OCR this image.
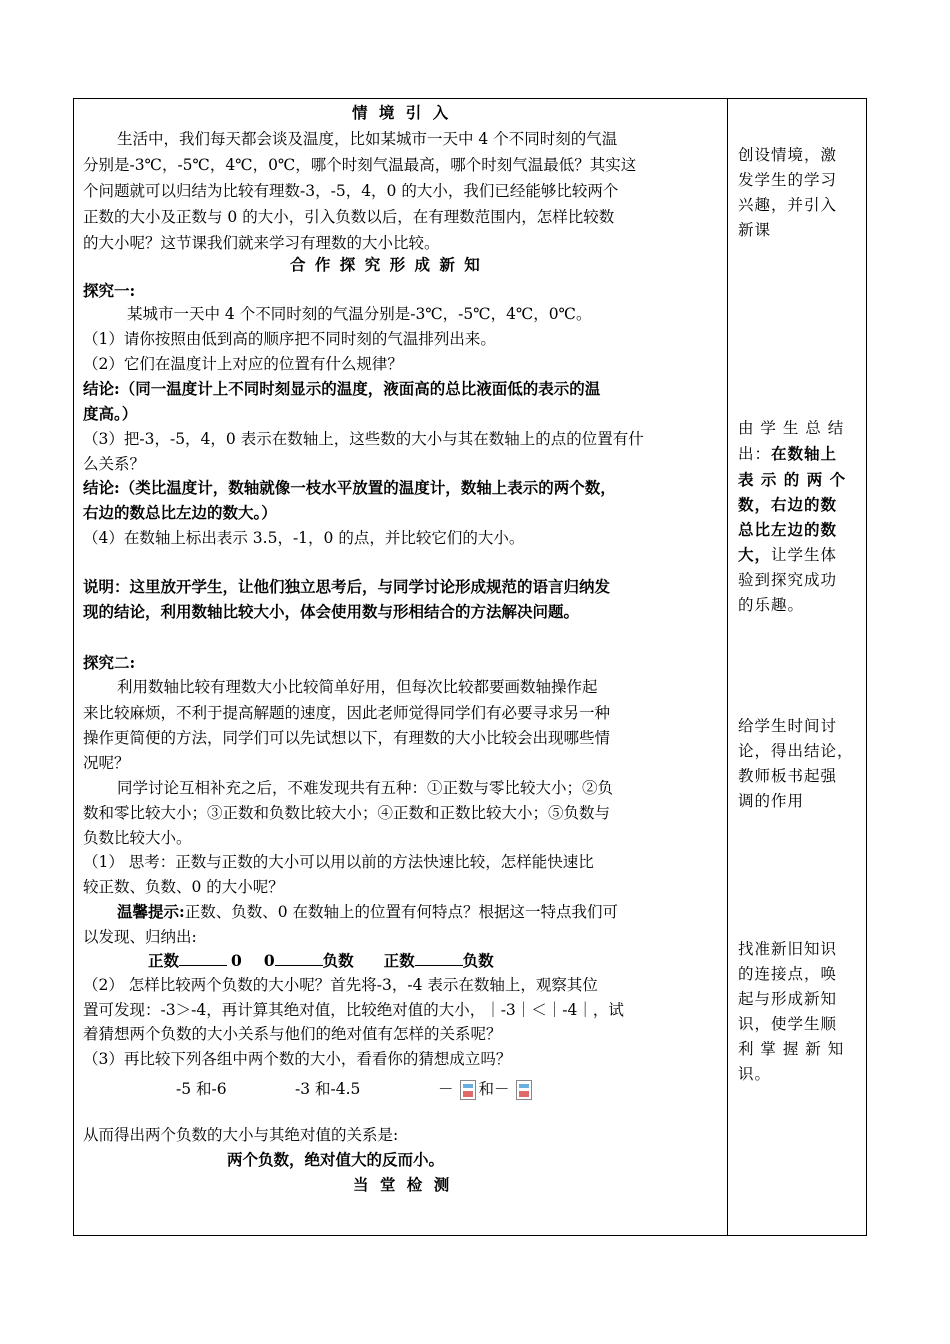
情 境 引 入
生活中，我们每天都会谈及温度，比如某城市一天中 4 个不同时刻的气温
分别是-3℃，-5℃，4℃，0℃，哪个时刻气温最高，哪个时刻气温最低？其实这
个问题就可以归结为比较有理数-3，-5，4，0 的大小，我们已经能够比较两个
正数的大小及正数与 0 的大小，引入负数以后，在有理数范围内，怎样比较数
的大小呢？这节课我们就来学习有理数的大小比较。
合 作 探 究 形 成 新 知
探究一:
某城市一天中 4 个不同时刻的气温分别是-3℃，-5℃，4℃，0℃。
（1）请你按照由低到高的顺序把不同时刻的气温排列出来。
（2）它们在温度计上对应的位置有什么规律？
结论:（同一温度计上不同时刻显示的温度，液面高的总比液面低的表示的温
度高。）
（3）把-3，-5，4，0 表示在数轴上，这些数的大小与其在数轴上的点的位置有什
么关系？
结论:（类比温度计，数轴就像一枝水平放置的温度计，数轴上表示的两个数，
右边的数总比左边的数大。）
（4）在数轴上标出表示 3.5，-1，0 的点，并比较它们的大小。
说明：这里放开学生，让他们独立思考后，与同学讨论形成规范的语言归纳发
现的结论，利用数轴比较大小，体会使用数与形相结合的方法解决问题。
探究二:
利用数轴比较有理数大小比较简单好用，但每次比较都要画数轴操作起
来比较麻烦，不利于提高解题的速度，因此老师觉得同学们有必要寻求另一种
操作更简便的方法，同学们可以先试想以下，有理数的大小比较会出现哪些情
况呢？
同学讨论互相补充之后，不难发现共有五种：①正数与零比较大小；②负
数和零比较大小；③正数和负数比较大小；④正数和正数比较大小；⑤负数与
负数比较大小。
（1） 思考：正数与正数的大小可以用以前的方法快速比较，怎样能快速比
较正数、负数、0 的大小呢？
温馨提示:正数、负数、0 在数轴上的位置有何特点？根据这一特点我们可
以发现、归纳出:
正数	0 0	负数 正数	负数
（2） 怎样比较两个负数的大小呢？首先将-3，-4 表示在数轴上，观察其位
置可发现：-3＞-4，再计算其绝对值，比较绝对值的大小，｜-3｜＜｜-4｜，试
着猜想两个负数的大小关系与他们的绝对值有怎样的关系呢？
（3）再比较下列各组中两个数的大小，看看你的猜想成立吗？
-5 和-6	-3 和-4.5	－ 和－
从而得出两个负数的大小与其绝对值的关系是:
两个负数，绝对值大的反而小。
当 堂 检 测
创设情境，激
发学生的学习
兴趣，并引入
新课
由 学 生 总 结
出：在数轴上
表 示 的 两 个
数，右边的数
总比左边的数
大，让学生体
验到探究成功
的乐趣。
给学生时间讨
论，得出结论，
教师板书起强
调的作用
找准新旧知识
的连接点，唤
起与形成新知
识，使学生顺
利 掌 握 新 知
识。
